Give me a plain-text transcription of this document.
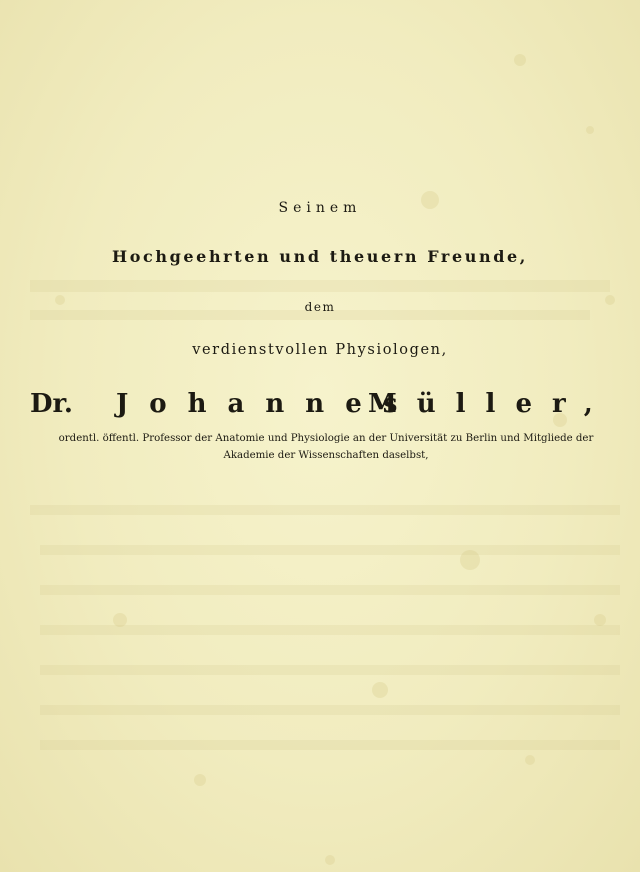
Seinem
Hochgeehrten und theuern Freunde,
dem
verdienstvollen Physiologen,
Dr. Johannes
Müller,
ordentl. öffentl. Professor der Anatomie und Physiologie an der Universität zu Berlin und Mitgliede der
Akademie der Wissenschaften daselbst,
